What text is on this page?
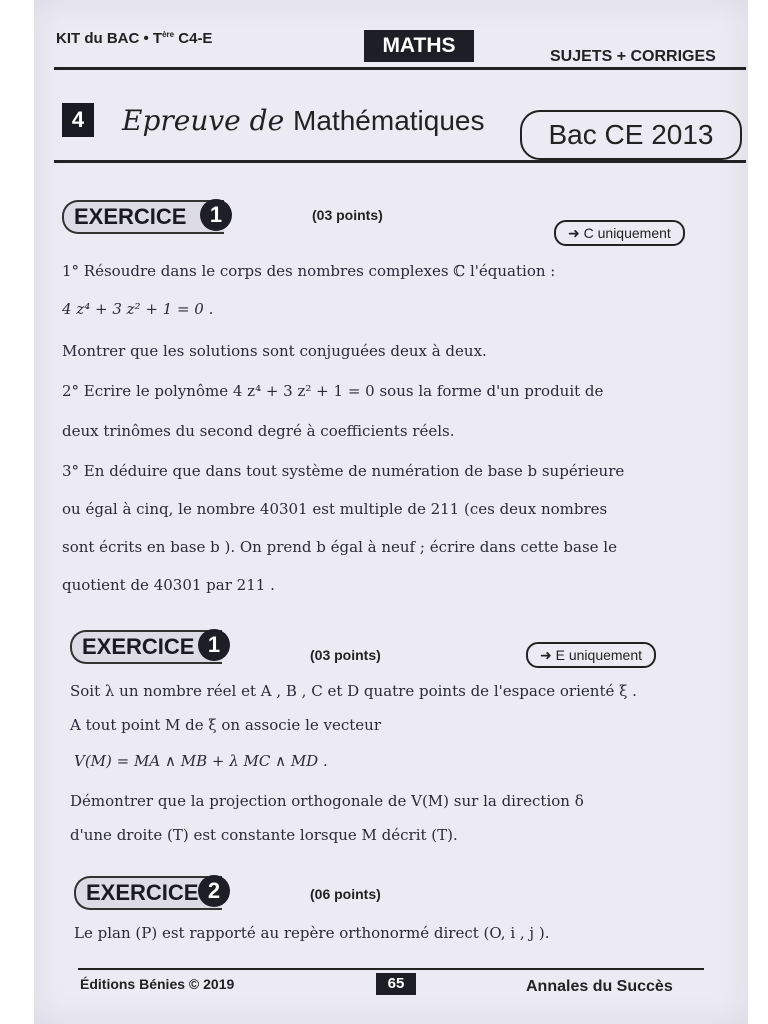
KIT du BAC • $T^{ère}$ C4-E	MATHS	SUJETS + CORRIGES
4	Epreuve de Mathématiques	Bac CE 2013
EXERCICE	1	(03 points)
➜ C uniquement
1° Résoudre dans le corps des nombres complexes ℂ l'équation :
4 z⁴ + 3 z² + 1 = 0 .
Montrer que les solutions sont conjuguées deux à deux.
2° Ecrire le polynôme 4 z⁴ + 3 z² + 1 = 0 sous la forme d'un produit de
deux trinômes du second degré à coefficients réels.
3° En déduire que dans tout système de numération de base b supérieure
ou égal à cinq, le nombre 40301 est multiple de 211 (ces deux nombres
sont écrits en base b ). On prend b égal à neuf ; écrire dans cette base le
quotient de 40301 par 211 .
EXERCICE 1	(03 points)	➜ E uniquement
Soit λ un nombre réel et A , B , C et D quatre points de l'espace orienté ξ .
A tout point M de ξ on associe le vecteur
V(M) = MA ∧ MB + λ MC ∧ MD .
Démontrer que la projection orthogonale de V(M) sur la direction δ
d'une droite (T) est constante lorsque M décrit (T).
EXERCICE 2	(06 points)
Le plan (P) est rapporté au repère orthonormé direct (O, i , j ).
Éditions Bénies © 2019	65	Annales du Succès
